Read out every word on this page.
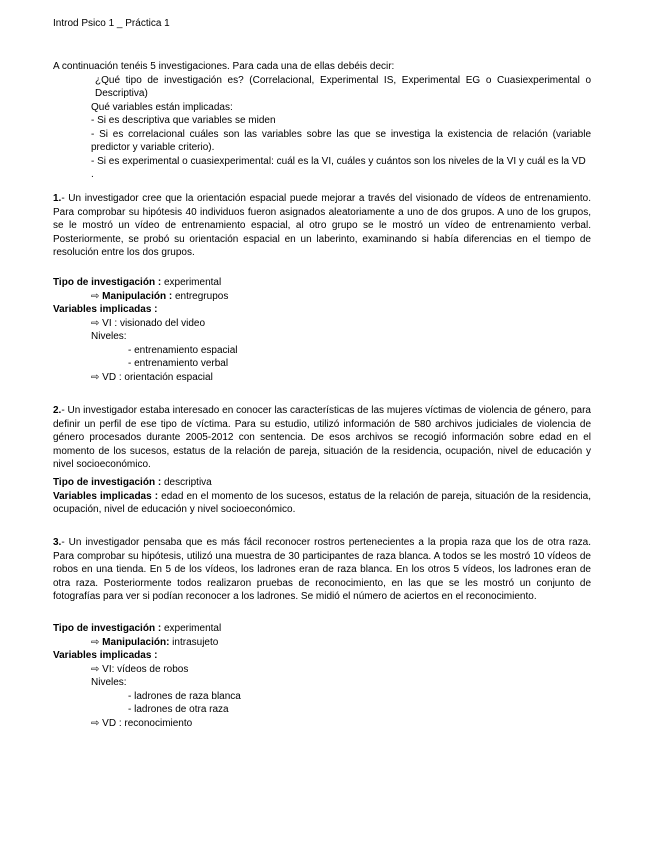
Introd Psico 1 _ Práctica 1

A continuación tenéis 5 investigaciones. Para cada una de ellas debéis decir:

¿Qué tipo de investigación es? (Correlacional, Experimental IS, Experimental EG o Cuasiexperimental o Descriptiva)

Qué variables están implicadas:

- Si es descriptiva que variables se miden

- Si es correlacional cuáles son las variables sobre las que se investiga la existencia de relación (variable predictor y variable criterio).

- Si es experimental o cuasiexperimental: cuál es la VI, cuáles y cuántos son los niveles de la VI y cuál es la VD .

1.- Un investigador cree que la orientación espacial puede mejorar a través del visionado de vídeos de entrenamiento. Para comprobar su hipótesis 40 individuos fueron asignados aleatoriamente a uno de dos grupos. A uno de los grupos, se le mostró un vídeo de entrenamiento espacial, al otro grupo se le mostró un vídeo de entrenamiento verbal. Posteriormente, se probó su orientación espacial en un laberinto, examinando si había diferencias en el tiempo de resolución entre los dos grupos.

Tipo de investigación : experimental

⇨ Manipulación : entregrupos

Variables implicadas :

⇨ VI : visionado del video

Niveles:

- entrenamiento espacial

- entrenamiento verbal

⇨ VD : orientación espacial

2.- Un investigador estaba interesado en conocer las características de las mujeres víctimas de violencia de género, para definir un perfil de ese tipo de víctima. Para su estudio, utilizó información de 580 archivos judiciales de violencia de género procesados durante 2005-2012 con sentencia. De esos archivos se recogió información sobre edad en el momento de los sucesos, estatus de la relación de pareja, situación de la residencia, ocupación, nivel de educación y nivel socioeconómico.

Tipo de investigación : descriptiva

Variables implicadas : edad en el momento de los sucesos, estatus de la relación de pareja, situación de la residencia, ocupación, nivel de educación y nivel socioeconómico.

3.- Un investigador pensaba que es más fácil reconocer rostros pertenecientes a la propia raza que los de otra raza. Para comprobar su hipótesis, utilizó una muestra de 30 participantes de raza blanca. A todos se les mostró 10 vídeos de robos en una tienda. En 5 de los vídeos, los ladrones eran de raza blanca. En los otros 5 vídeos, los ladrones eran de otra raza. Posteriormente todos realizaron pruebas de reconocimiento, en las que se les mostró un conjunto de fotografías para ver si podían reconocer a los ladrones. Se midió el número de aciertos en el reconocimiento.

Tipo de investigación : experimental

⇨ Manipulación: intrasujeto

Variables implicadas :

⇨ VI: vídeos de robos

Niveles:

- ladrones de raza blanca

- ladrones de otra raza

⇨ VD : reconocimiento
